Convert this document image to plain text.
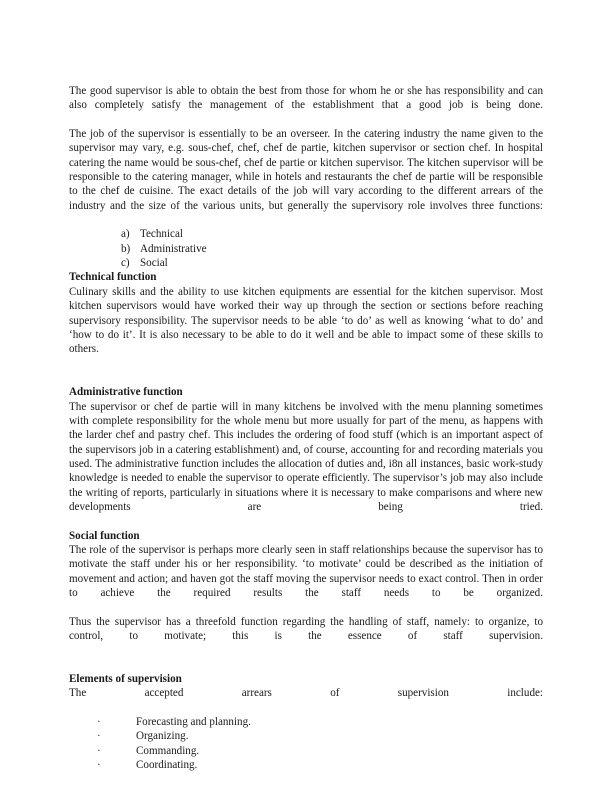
The good supervisor is able to obtain the best from those for whom he or she has responsibility and can also completely satisfy the management of the establishment that a good job is being done.

The job of the supervisor is essentially to be an overseer. In the catering industry the name given to the supervisor may vary, e.g. sous-chef, chef, chef de partie, kitchen supervisor or section chef. In hospital catering the name would be sous-chef, chef de partie or kitchen supervisor. The kitchen supervisor will be responsible to the catering manager, while in hotels and restaurants the chef de partie will be responsible to the chef de cuisine. The exact details of the job will vary according to the different arrears of the industry and the size of the various units, but generally the supervisory role involves three functions:

a) Technical
b) Administrative
c) Social
Technical function

Culinary skills and the ability to use kitchen equipments are essential for the kitchen supervisor. Most kitchen supervisors would have worked their way up through the section or sections before reaching supervisory responsibility. The supervisor needs to be able ‘to do’ as well as knowing ‘what to do’ and ‘how to do it’. It is also necessary to be able to do it well and be able to impact some of these skills to others.

Administrative function

The supervisor or chef de partie will in many kitchens be involved with the menu planning sometimes with complete responsibility for the whole menu but more usually for part of the menu, as happens with the larder chef and pastry chef. This includes the ordering of food stuff (which is an important aspect of the supervisors job in a catering establishment) and, of course, accounting for and recording materials you used. The administrative function includes the allocation of duties and, i8n all instances, basic work-study knowledge is needed to enable the supervisor to operate efficiently. The supervisor’s job may also include the writing of reports, particularly in situations where it is necessary to make comparisons and where new developments are being tried.

Social function

The role of the supervisor is perhaps more clearly seen in staff relationships because the supervisor has to motivate the staff under his or her responsibility. ‘to motivate’ could be described as the initiation of movement and action; and haven got the staff moving the supervisor needs to exact control. Then in order to achieve the required results the staff needs to be organized.

Thus the supervisor has a threefold function regarding the handling of staff, namely: to organize, to control, to motivate; this is the essence of staff supervision.

Elements of supervision

The accepted arrears of supervision include:

·	Forecasting and planning.
·	Organizing.
·	Commanding.
·	Coordinating.
